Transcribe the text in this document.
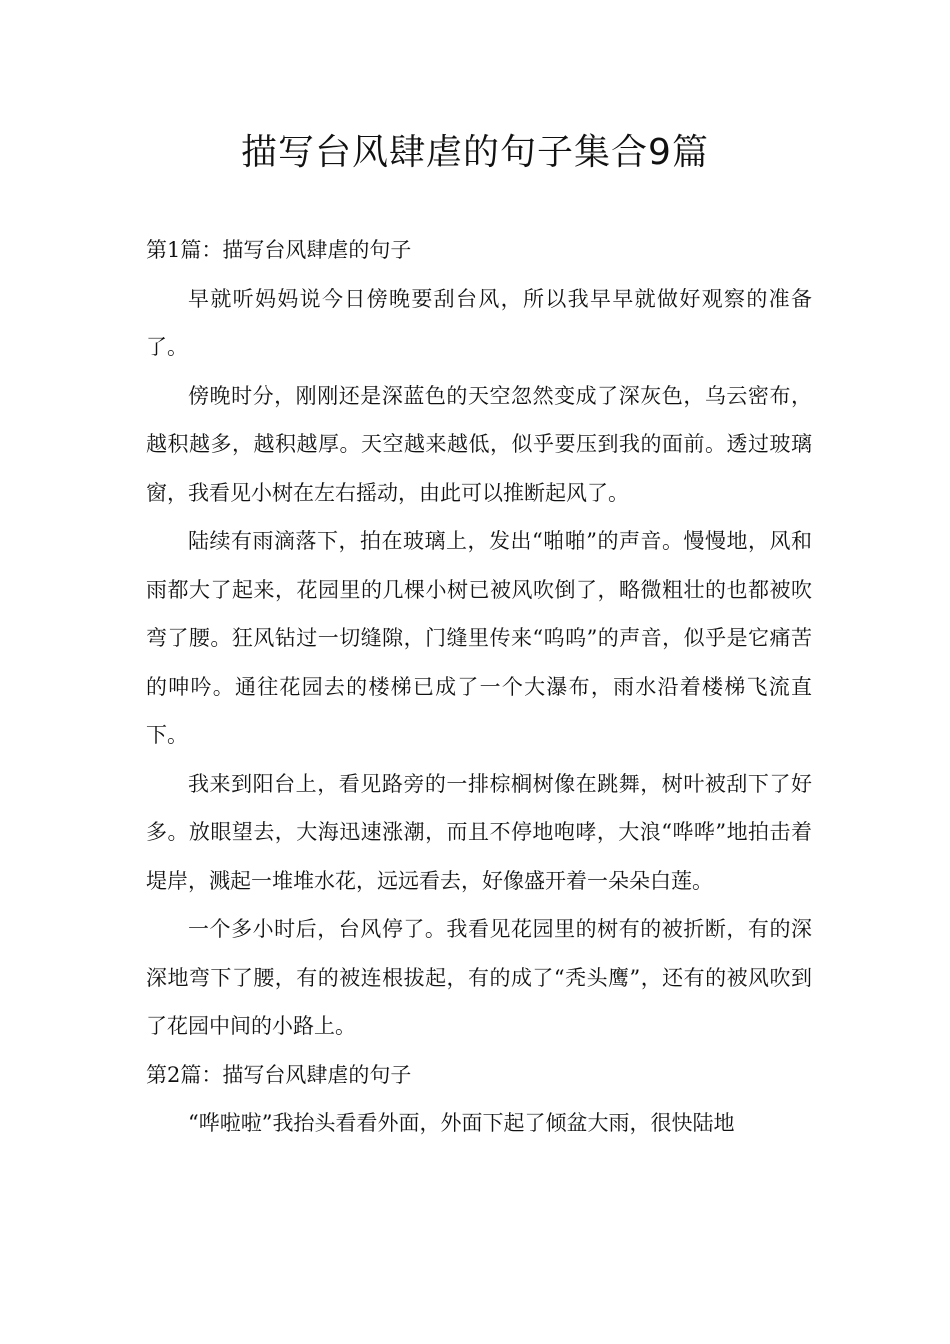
描写台风肆虐的句子集合9篇
第1篇：描写台风肆虐的句子

早就听妈妈说今日傍晚要刮台风，所以我早早就做好观察的准备了。

傍晚时分，刚刚还是深蓝色的天空忽然变成了深灰色，乌云密布，越积越多，越积越厚。天空越来越低，似乎要压到我的面前。透过玻璃窗，我看见小树在左右摇动，由此可以推断起风了。

陆续有雨滴落下，拍在玻璃上，发出“啪啪”的声音。慢慢地，风和雨都大了起来，花园里的几棵小树已被风吹倒了，略微粗壮的也都被吹弯了腰。狂风钻过一切缝隙，门缝里传来“呜呜”的声音，似乎是它痛苦的呻吟。通往花园去的楼梯已成了一个大瀑布，雨水沿着楼梯飞流直下。

我来到阳台上，看见路旁的一排棕榈树像在跳舞，树叶被刮下了好多。放眼望去，大海迅速涨潮，而且不停地咆哮，大浪“哗哗”地拍击着堤岸，溅起一堆堆水花，远远看去，好像盛开着一朵朵白莲。

一个多小时后，台风停了。我看见花园里的树有的被折断，有的深深地弯下了腰，有的被连根拔起，有的成了“秃头鹰”，还有的被风吹到了花园中间的小路上。

第2篇：描写台风肆虐的句子

“哗啦啦”我抬头看看外面，外面下起了倾盆大雨，很快陆地
